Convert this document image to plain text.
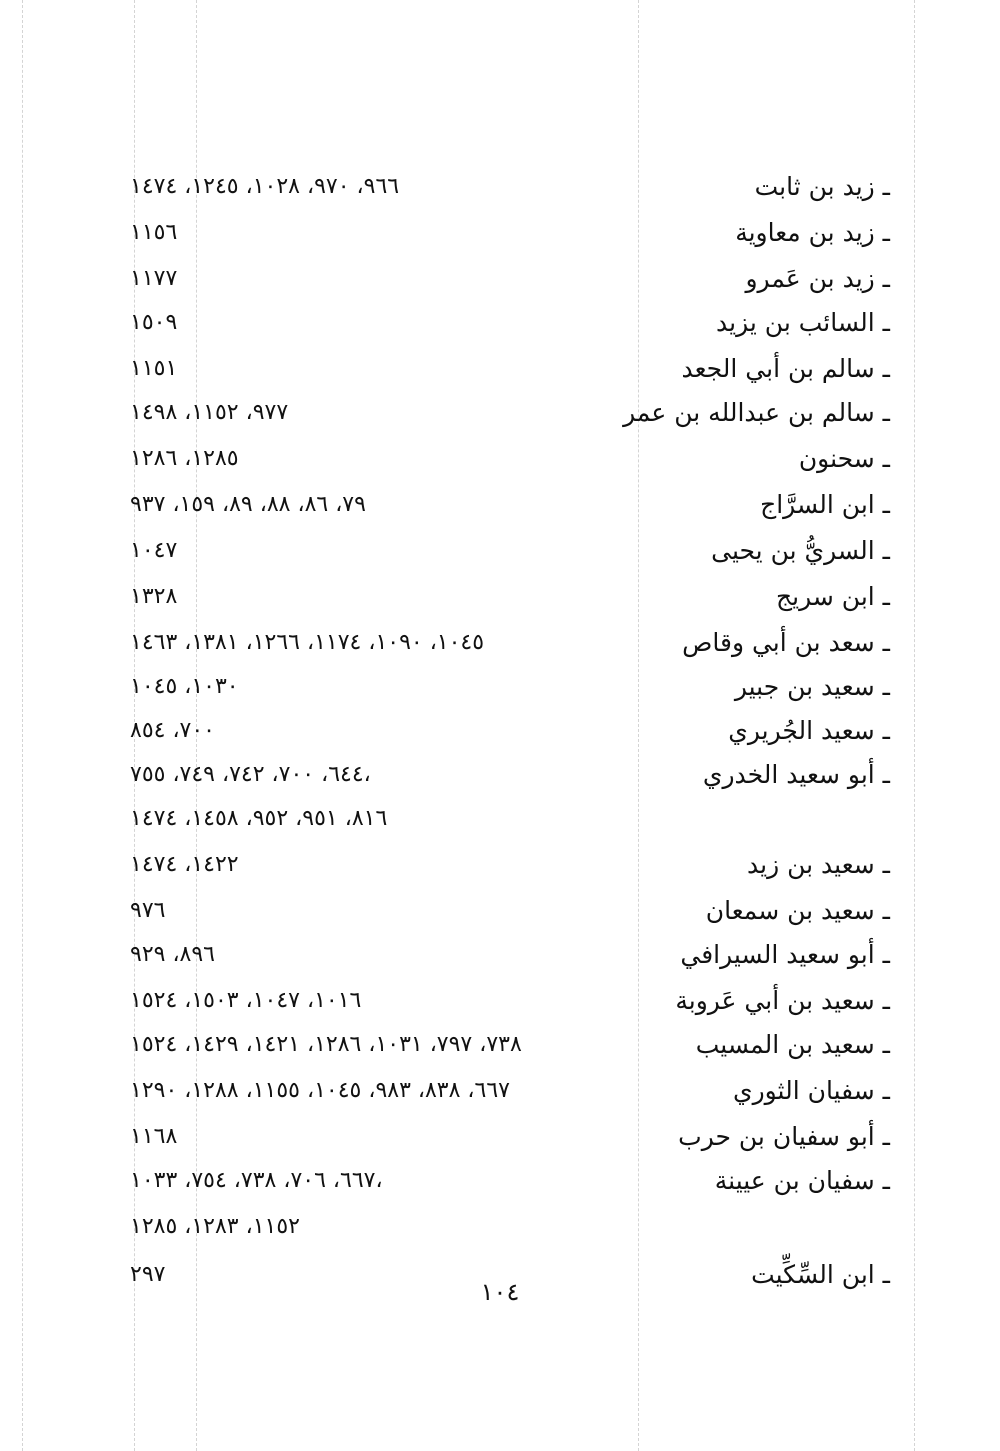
ـ زيد بن ثابت
٩٦٦، ٩٧٠، ١٠٢٨، ١٢٤٥، ١٤٧٤
ـ زيد بن معاوية
١١٥٦
ـ زيد بن عَمرو
١١٧٧
ـ السائب بن يزيد
١٥٠٩
ـ سالم بن أبي الجعد
١١٥١
ـ سالم بن عبدالله بن عمر
٩٧٧، ١١٥٢، ١٤٩٨
ـ سحنون
١٢٨٥، ١٢٨٦
ـ ابن السرَّاج
٧٩، ٨٦، ٨٨، ٨٩، ١٥٩، ٩٣٧
ـ السريُّ بن يحيى
١٠٤٧
ـ ابن سريج
١٣٢٨
ـ سعد بن أبي وقاص
١٠٤٥، ١٠٩٠، ١١٧٤، ١٢٦٦، ١٣٨١، ١٤٦٣
ـ سعيد بن جبير
١٠٣٠، ١٠٤٥
ـ سعيد الجُريري
٧٠٠، ٨٥٤
ـ أبو سعيد الخدري
٦٤٤، ٧٠٠، ٧٤٢، ٧٤٩، ٧٥٥،
٨١٦، ٩٥١، ٩٥٢، ١٤٥٨، ١٤٧٤
ـ سعيد بن زيد
١٤٢٢، ١٤٧٤
ـ سعيد بن سمعان
٩٧٦
ـ أبو سعيد السيرافي
٨٩٦، ٩٢٩
ـ سعيد بن أبي عَروبة
١٠١٦، ١٠٤٧، ١٥٠٣، ١٥٢٤
ـ سعيد بن المسيب
٧٣٨، ٧٩٧، ١٠٣١، ١٢٨٦، ١٤٢١، ١٤٢٩، ١٥٢٤
ـ سفيان الثوري
٦٦٧، ٨٣٨، ٩٨٣، ١٠٤٥، ١١٥٥، ١٢٨٨، ١٢٩٠
ـ أبو سفيان بن حرب
١١٦٨
ـ سفيان بن عيينة
٦٦٧، ٧٠٦، ٧٣٨، ٧٥٤، ١٠٣٣،
١١٥٢، ١٢٨٣، ١٢٨٥
ـ ابن السِّكِّيت
٢٩٧
١٠٤
